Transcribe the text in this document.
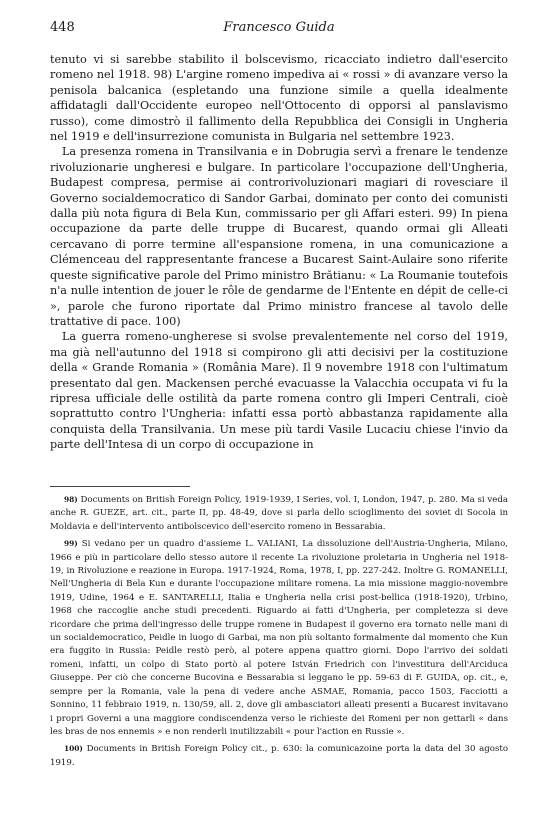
448	Francesco Guida

tenuto vi si sarebbe stabilito il bolscevismo, ricacciato indietro dall'esercito romeno nel 1918. 98) L'argine romeno impediva ai « rossi » di avanzare verso la penisola balcanica (espletando una funzione simile a quella idealmente affidatagli dall'Occidente europeo nell'Ottocento di opporsi al panslavismo russo), come dimostrò il fallimento della Repubblica dei Consigli in Ungheria nel 1919 e dell'insurrezione comunista in Bulgaria nel settembre 1923.

La presenza romena in Transilvania e in Dobrugia servì a frenare le tendenze rivoluzionarie ungheresi e bulgare. In particolare l'occupazione dell'Ungheria, Budapest compresa, permise ai controrivoluzionari magiari di rovesciare il Governo socialdemocratico di Sandor Garbai, dominato per conto dei comunisti dalla più nota figura di Bela Kun, commissario per gli Affari esteri. 99) In piena occupazione da parte delle truppe di Bucarest, quando ormai gli Alleati cercavano di porre termine all'espansione romena, in una comunicazione a Clémenceau del rappresentante francese a Bucarest Saint-Aulaire sono riferite queste significative parole del Primo ministro Brătianu: « La Roumanie toutefois n'a nulle intention de jouer le rôle de gendarme de l'Entente en dépit de celle-ci », parole che furono riportate dal Primo ministro francese al tavolo delle trattative di pace. 100)

La guerra romeno-ungherese si svolse prevalentemente nel corso del 1919, ma già nell'autunno del 1918 si compirono gli atti decisivi per la costituzione della « Grande Romania » (România Mare). Il 9 novembre 1918 con l'ultimatum presentato dal gen. Mackensen perché evacuasse la Valacchia occupata vi fu la ripresa ufficiale delle ostilità da parte romena contro gli Imperi Centrali, cioè soprattutto contro l'Ungheria: infatti essa portò abbastanza rapidamente alla conquista della Transilvania. Un mese più tardi Vasile Lucaciu chiese l'invio da parte dell'Intesa di un corpo di occupazione in

98) Documents on British Foreign Policy, 1919-1939, I Series, vol. I, London, 1947, p. 280. Ma si veda anche R. GUEZE, art. cit., parte II, pp. 48-49, dove si parla dello scioglimento dei soviet di Socola in Moldavia e dell'intervento antibolscevico dell'esercito romeno in Bessarabia.

99) Si vedano per un quadro d'assieme L. VALIANI, La dissoluzione dell'Austria-Ungheria, Milano, 1966 e più in particolare dello stesso autore il recente La rivoluzione proletaria in Ungheria nel 1918-19, in Rivoluzione e reazione in Europa. 1917-1924, Roma, 1978, I, pp. 227-242. Inoltre G. ROMANELLI, Nell'Ungheria di Bela Kun e durante l'occupazione militare romena. La mia missione maggio-novembre 1919, Udine, 1964 e E. SANTARELLI, Italia e Ungheria nella crisi post-bellica (1918-1920), Urbino, 1968 che raccoglie anche studi precedenti. Riguardo ai fatti d'Ungheria, per completezza si deve ricordare che prima dell'ingresso delle truppe romene in Budapest il governo era tornato nelle mani di un socialdemocratico, Peidle in luogo di Garbai, ma non più soltanto formalmente dal momento che Kun era fuggito in Russia: Peidle restò però, al potere appena quattro giorni. Dopo l'arrivo dei soldati romeni, infatti, un colpo di Stato portò al potere István Friedrich con l'investitura dell'Arciduca Giuseppe. Per ciò che concerne Bucovina e Bessarabia si leggano le pp. 59-63 di F. GUIDA, op. cit., e, sempre per la Romania, vale la pena di vedere anche ASMAE, Romania, pacco 1503, Facciotti a Sonnino, 11 febbraio 1919, n. 130/59, all. 2, dove gli ambasciatori alleati presenti a Bucarest invitavano i propri Governi a una maggiore condiscendenza verso le richieste dei Romeni per non gettarli « dans les bras de nos ennemis » e non renderli inutilizzabili « pour l'action en Russie ».

100) Documents in British Foreign Policy cit., p. 630: la comunicazoine porta la data del 30 agosto 1919.
